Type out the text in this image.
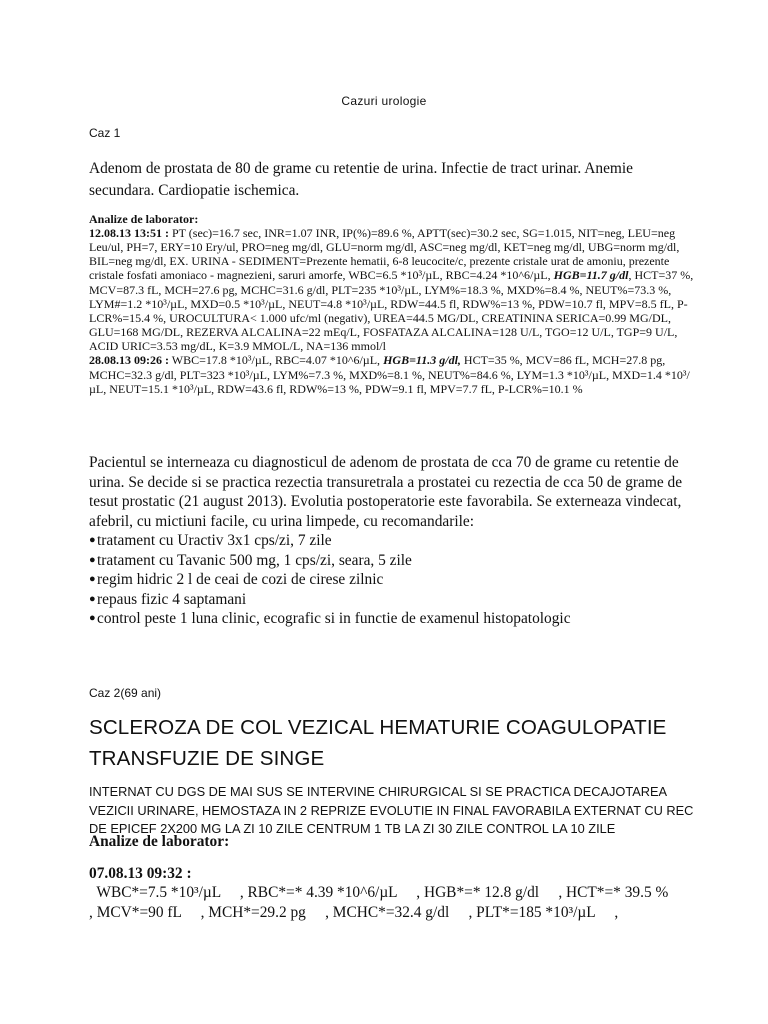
Cazuri urologie
Caz 1
Adenom de prostata de 80 de grame cu retentie de urina. Infectie de tract urinar. Anemie secundara. Cardiopatie ischemica.
Analize de laborator:
12.08.13 13:51 : PT (sec)=16.7 sec, INR=1.07 INR, IP(%)=89.6 %, APTT(sec)=30.2 sec, SG=1.015, NIT=neg, LEU=neg Leu/ul, PH=7, ERY=10 Ery/ul, PRO=neg mg/dl, GLU=norm mg/dl, ASC=neg mg/dl, KET=neg mg/dl, UBG=norm mg/dl, BIL=neg mg/dl, EX. URINA - SEDIMENT=Prezente hematii, 6-8 leucocite/c, prezente cristale urat de amoniu, prezente cristale fosfati amoniaco - magnezieni, saruri amorfe, WBC=6.5 *10³/µL, RBC=4.24 *10^6/µL, HGB=11.7 g/dl, HCT=37 %, MCV=87.3 fL, MCH=27.6 pg, MCHC=31.6 g/dl, PLT=235 *10³/µL, LYM%=18.3 %, MXD%=8.4 %, NEUT%=73.3 %, LYM#=1.2 *10³/µL, MXD=0.5 *10³/µL, NEUT=4.8 *10³/µL, RDW=44.5 fl, RDW%=13 %, PDW=10.7 fl, MPV=8.5 fL, P-LCR%=15.4 %, UROCULTURA< 1.000 ufc/ml (negativ), UREA=44.5 MG/DL, CREATININA SERICA=0.99 MG/DL, GLU=168 MG/DL, REZERVA ALCALINA=22 mEq/L, FOSFATAZA ALCALINA=128 U/L, TGO=12 U/L, TGP=9 U/L, ACID URIC=3.53 mg/dL, K=3.9 MMOL/L, NA=136 mmol/l
28.08.13 09:26 : WBC=17.8 *10³/µL, RBC=4.07 *10^6/µL, HGB=11.3 g/dl, HCT=35 %, MCV=86 fL, MCH=27.8 pg, MCHC=32.3 g/dl, PLT=323 *10³/µL, LYM%=7.3 %, MXD%=8.1 %, NEUT%=84.6 %, LYM=1.3 *10³/µL, MXD=1.4 *10³/µL, NEUT=15.1 *10³/µL, RDW=43.6 fl, RDW%=13 %, PDW=9.1 fl, MPV=7.7 fL, P-LCR%=10.1 %
Pacientul se interneaza cu diagnosticul de adenom de prostata de cca 70 de grame cu retentie de urina. Se decide si se practica rezectia transuretrala a prostatei cu rezectia de cca 50 de grame de tesut prostatic (21 august 2013). Evolutia postoperatorie este favorabila. Se externeaza vindecat, afebril, cu mictiuni facile, cu urina limpede, cu recomandarile:
● tratament cu Uractiv 3x1 cps/zi, 7 zile
● tratament cu Tavanic 500 mg, 1 cps/zi, seara, 5 zile
● regim hidric 2 l de ceai de cozi de cirese zilnic
● repaus fizic 4 saptamani
● control peste 1 luna clinic, ecografic si in functie de examenul histopatologic
Caz 2(69 ani)
SCLEROZA DE COL VEZICAL HEMATURIE COAGULOPATIE TRANSFUZIE DE SINGE
INTERNAT CU DGS DE MAI SUS SE INTERVINE CHIRURGICAL SI SE PRACTICA DECAJOTAREA VEZICII URINARE, HEMOSTAZA IN 2 REPRIZE EVOLUTIE IN FINAL FAVORABILA EXTERNAT CU REC DE EPICEF 2X200 MG LA ZI 10 ZILE CENTRUM 1 TB LA ZI 30 ZILE CONTROL LA 10 ZILE
Analize de laborator:
07.08.13 09:32 :
WBC*=7.5 *10³/µL     , RBC*=* 4.39 *10^6/µL     , HGB*=* 12.8 g/dl     , HCT*=* 39.5 %
, MCV*=90 fL     , MCH*=29.2 pg     , MCHC*=32.4 g/dl     , PLT*=185 *10³/µL     ,
